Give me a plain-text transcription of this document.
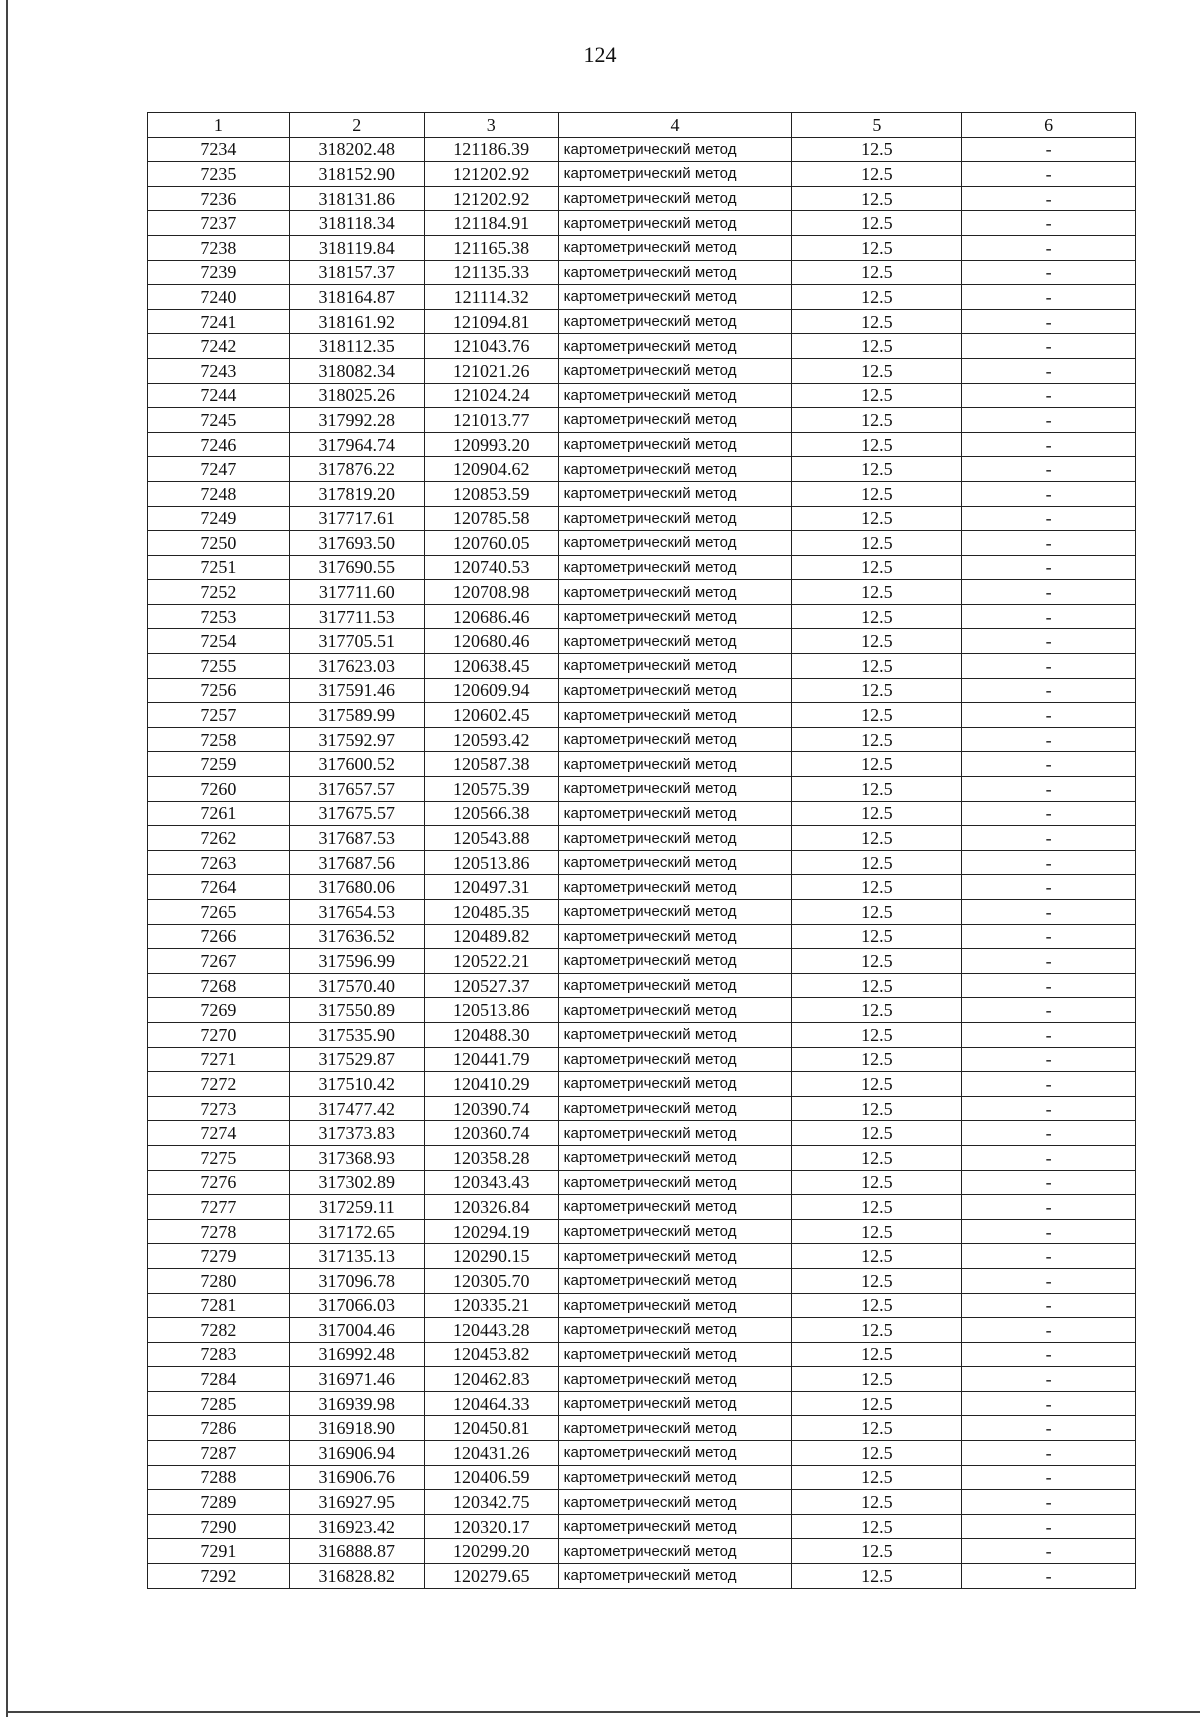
124
1	2	3	4	5	6
7234	318202.48	121186.39	картометрический метод	12.5	-
7235	318152.90	121202.92	картометрический метод	12.5	-
7236	318131.86	121202.92	картометрический метод	12.5	-
7237	318118.34	121184.91	картометрический метод	12.5	-
7238	318119.84	121165.38	картометрический метод	12.5	-
7239	318157.37	121135.33	картометрический метод	12.5	-
7240	318164.87	121114.32	картометрический метод	12.5	-
7241	318161.92	121094.81	картометрический метод	12.5	-
7242	318112.35	121043.76	картометрический метод	12.5	-
7243	318082.34	121021.26	картометрический метод	12.5	-
7244	318025.26	121024.24	картометрический метод	12.5	-
7245	317992.28	121013.77	картометрический метод	12.5	-
7246	317964.74	120993.20	картометрический метод	12.5	-
7247	317876.22	120904.62	картометрический метод	12.5	-
7248	317819.20	120853.59	картометрический метод	12.5	-
7249	317717.61	120785.58	картометрический метод	12.5	-
7250	317693.50	120760.05	картометрический метод	12.5	-
7251	317690.55	120740.53	картометрический метод	12.5	-
7252	317711.60	120708.98	картометрический метод	12.5	-
7253	317711.53	120686.46	картометрический метод	12.5	-
7254	317705.51	120680.46	картометрический метод	12.5	-
7255	317623.03	120638.45	картометрический метод	12.5	-
7256	317591.46	120609.94	картометрический метод	12.5	-
7257	317589.99	120602.45	картометрический метод	12.5	-
7258	317592.97	120593.42	картометрический метод	12.5	-
7259	317600.52	120587.38	картометрический метод	12.5	-
7260	317657.57	120575.39	картометрический метод	12.5	-
7261	317675.57	120566.38	картометрический метод	12.5	-
7262	317687.53	120543.88	картометрический метод	12.5	-
7263	317687.56	120513.86	картометрический метод	12.5	-
7264	317680.06	120497.31	картометрический метод	12.5	-
7265	317654.53	120485.35	картометрический метод	12.5	-
7266	317636.52	120489.82	картометрический метод	12.5	-
7267	317596.99	120522.21	картометрический метод	12.5	-
7268	317570.40	120527.37	картометрический метод	12.5	-
7269	317550.89	120513.86	картометрический метод	12.5	-
7270	317535.90	120488.30	картометрический метод	12.5	-
7271	317529.87	120441.79	картометрический метод	12.5	-
7272	317510.42	120410.29	картометрический метод	12.5	-
7273	317477.42	120390.74	картометрический метод	12.5	-
7274	317373.83	120360.74	картометрический метод	12.5	-
7275	317368.93	120358.28	картометрический метод	12.5	-
7276	317302.89	120343.43	картометрический метод	12.5	-
7277	317259.11	120326.84	картометрический метод	12.5	-
7278	317172.65	120294.19	картометрический метод	12.5	-
7279	317135.13	120290.15	картометрический метод	12.5	-
7280	317096.78	120305.70	картометрический метод	12.5	-
7281	317066.03	120335.21	картометрический метод	12.5	-
7282	317004.46	120443.28	картометрический метод	12.5	-
7283	316992.48	120453.82	картометрический метод	12.5	-
7284	316971.46	120462.83	картометрический метод	12.5	-
7285	316939.98	120464.33	картометрический метод	12.5	-
7286	316918.90	120450.81	картометрический метод	12.5	-
7287	316906.94	120431.26	картометрический метод	12.5	-
7288	316906.76	120406.59	картометрический метод	12.5	-
7289	316927.95	120342.75	картометрический метод	12.5	-
7290	316923.42	120320.17	картометрический метод	12.5	-
7291	316888.87	120299.20	картометрический метод	12.5	-
7292	316828.82	120279.65	картометрический метод	12.5	-
